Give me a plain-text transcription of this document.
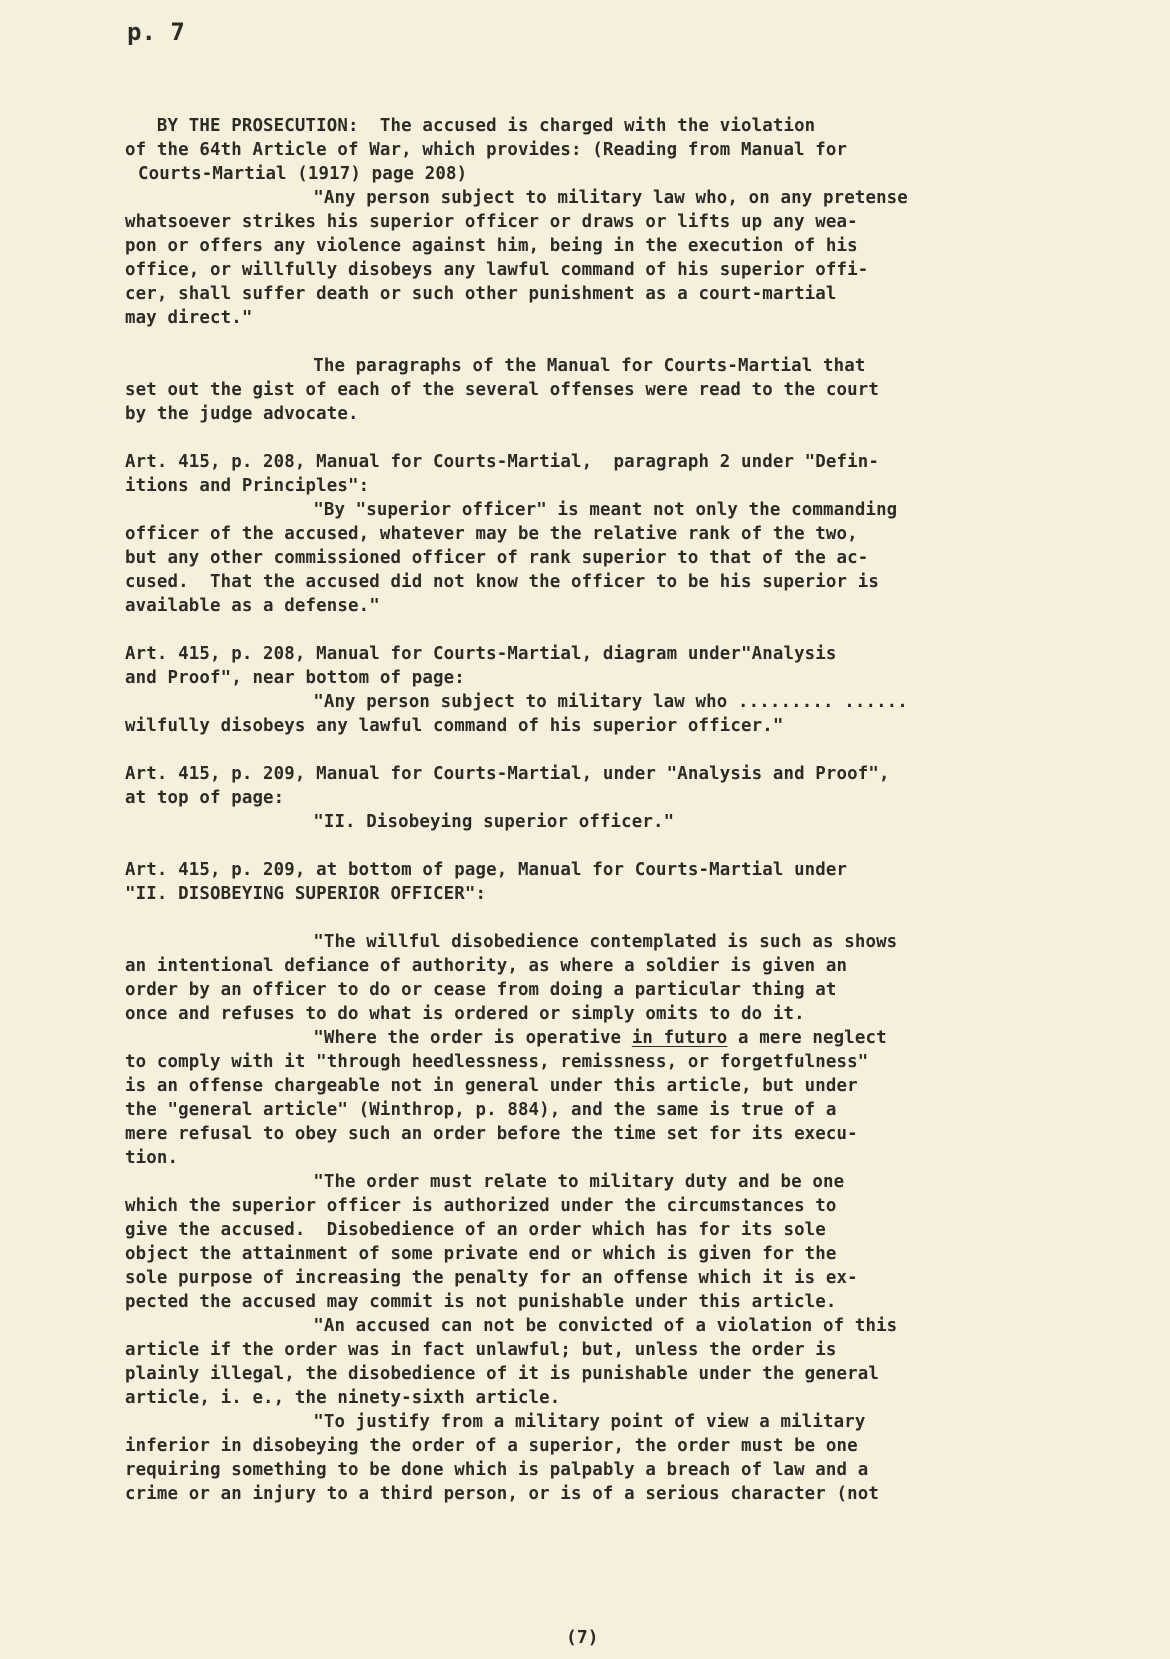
p. 7
BY THE PROSECUTION:  The accused is charged with the violation
of the 64th Article of War, which provides: (Reading from Manual for
Courts-Martial (1917) page 208)
"Any person subject to military law who, on any pretense
whatsoever strikes his superior officer or draws or lifts up any wea-
pon or offers any violence against him, being in the execution of his
office, or willfully disobeys any lawful command of his superior offi-
cer, shall suffer death or such other punishment as a court-martial
may direct."
The paragraphs of the Manual for Courts-Martial that
set out the gist of each of the several offenses were read to the court
by the judge advocate.
Art. 415, p. 208, Manual for Courts-Martial,  paragraph 2 under "Defin-
itions and Principles":
"By "superior officer" is meant not only the commanding
officer of the accused, whatever may be the relative rank of the two,
but any other commissioned officer of rank superior to that of the ac-
cused.  That the accused did not know the officer to be his superior is
available as a defense."
Art. 415, p. 208, Manual for Courts-Martial, diagram under"Analysis
and Proof", near bottom of page:
"Any person subject to military law who ......... ......
wilfully disobeys any lawful command of his superior officer."
Art. 415, p. 209, Manual for Courts-Martial, under "Analysis and Proof",
at top of page:
"II. Disobeying superior officer."
Art. 415, p. 209, at bottom of page, Manual for Courts-Martial under
"II. DISOBEYING SUPERIOR OFFICER":
"The willful disobedience contemplated is such as shows
an intentional defiance of authority, as where a soldier is given an
order by an officer to do or cease from doing a particular thing at
once and refuses to do what is ordered or simply omits to do it.
"Where the order is operative in futuro a mere neglect
to comply with it "through heedlessness, remissness, or forgetfulness"
is an offense chargeable not in general under this article, but under
the "general article" (Winthrop, p. 884), and the same is true of a
mere refusal to obey such an order before the time set for its execu-
tion.
"The order must relate to military duty and be one
which the superior officer is authorized under the circumstances to
give the accused.  Disobedience of an order which has for its sole
object the attainment of some private end or which is given for the
sole purpose of increasing the penalty for an offense which it is ex-
pected the accused may commit is not punishable under this article.
"An accused can not be convicted of a violation of this
article if the order was in fact unlawful; but, unless the order is
plainly illegal, the disobedience of it is punishable under the general
article, i. e., the ninety-sixth article.
"To justify from a military point of view a military
inferior in disobeying the order of a superior, the order must be one
requiring something to be done which is palpably a breach of law and a
crime or an injury to a third person, or is of a serious character (not
(7)
